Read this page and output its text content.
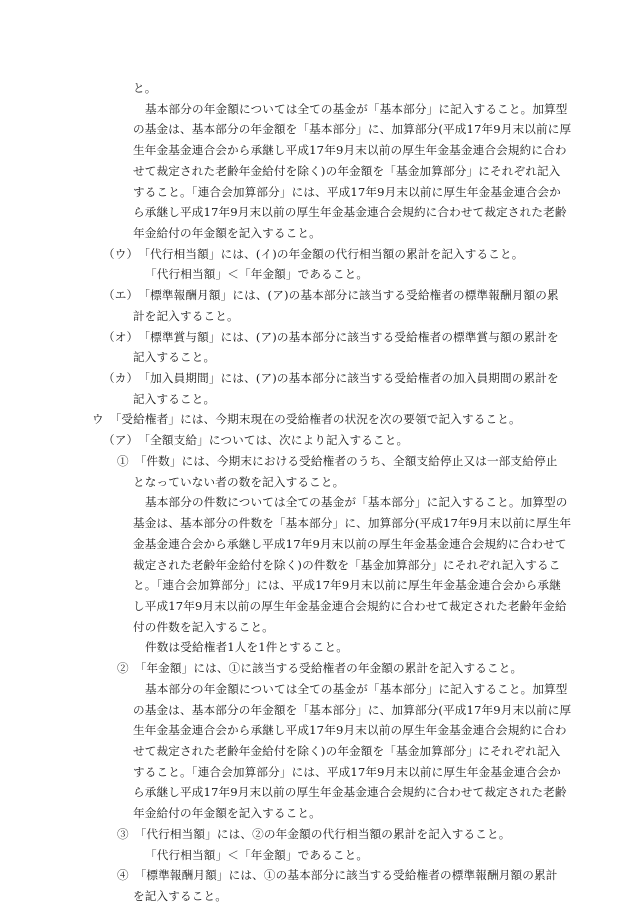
と。
基本部分の年金額については全ての基金が「基本部分」に記入すること。加算型
の基金は、基本部分の年金額を「基本部分」に、加算部分(平成17年9月末以前に厚
生年金基金連合会から承継し平成17年9月末以前の厚生年金基金連合会規約に合わ
せて裁定された老齢年金給付を除く)の年金額を「基金加算部分」にそれぞれ記入
すること。「連合会加算部分」には、平成17年9月末以前に厚生年金基金連合会か
ら承継し平成17年9月末以前の厚生年金基金連合会規約に合わせて裁定された老齢
年金給付の年金額を記入すること。
（ウ）　「代行相当額」には、(イ)の年金額の代行相当額の累計を記入すること。
「代行相当額」＜「年金額」であること。
（エ）　「標準報酬月額」には、(ア)の基本部分に該当する受給権者の標準報酬月額の累
計を記入すること。
（オ）　「標準賞与額」には、(ア)の基本部分に該当する受給権者の標準賞与額の累計を
記入すること。
（カ）　「加入員期間」には、(ア)の基本部分に該当する受給権者の加入員期間の累計を
記入すること。
ウ　「受給権者」には、今期末現在の受給権者の状況を次の要領で記入すること。
（ア）　「全額支給」については、次により記入すること。
①　「件数」には、今期末における受給権者のうち、全額支給停止又は一部支給停止
となっていない者の数を記入すること。
基本部分の件数については全ての基金が「基本部分」に記入すること。加算型の
基金は、基本部分の件数を「基本部分」に、加算部分(平成17年9月末以前に厚生年
金基金連合会から承継し平成17年9月末以前の厚生年金基金連合会規約に合わせて
裁定された老齢年金給付を除く)の件数を「基金加算部分」にそれぞれ記入するこ
と。「連合会加算部分」には、平成17年9月末以前に厚生年金基金連合会から承継
し平成17年9月末以前の厚生年金基金連合会規約に合わせて裁定された老齢年金給
付の件数を記入すること。
件数は受給権者1人を1件とすること。
②　「年金額」には、①に該当する受給権者の年金額の累計を記入すること。
基本部分の年金額については全ての基金が「基本部分」に記入すること。加算型
の基金は、基本部分の年金額を「基本部分」に、加算部分(平成17年9月末以前に厚
生年金基金連合会から承継し平成17年9月末以前の厚生年金基金連合会規約に合わ
せて裁定された老齢年金給付を除く)の年金額を「基金加算部分」にそれぞれ記入
すること。「連合会加算部分」には、平成17年9月末以前に厚生年金基金連合会か
ら承継し平成17年9月末以前の厚生年金基金連合会規約に合わせて裁定された老齢
年金給付の年金額を記入すること。
③　「代行相当額」には、②の年金額の代行相当額の累計を記入すること。
「代行相当額」＜「年金額」であること。
④　「標準報酬月額」には、①の基本部分に該当する受給権者の標準報酬月額の累計
を記入すること。
